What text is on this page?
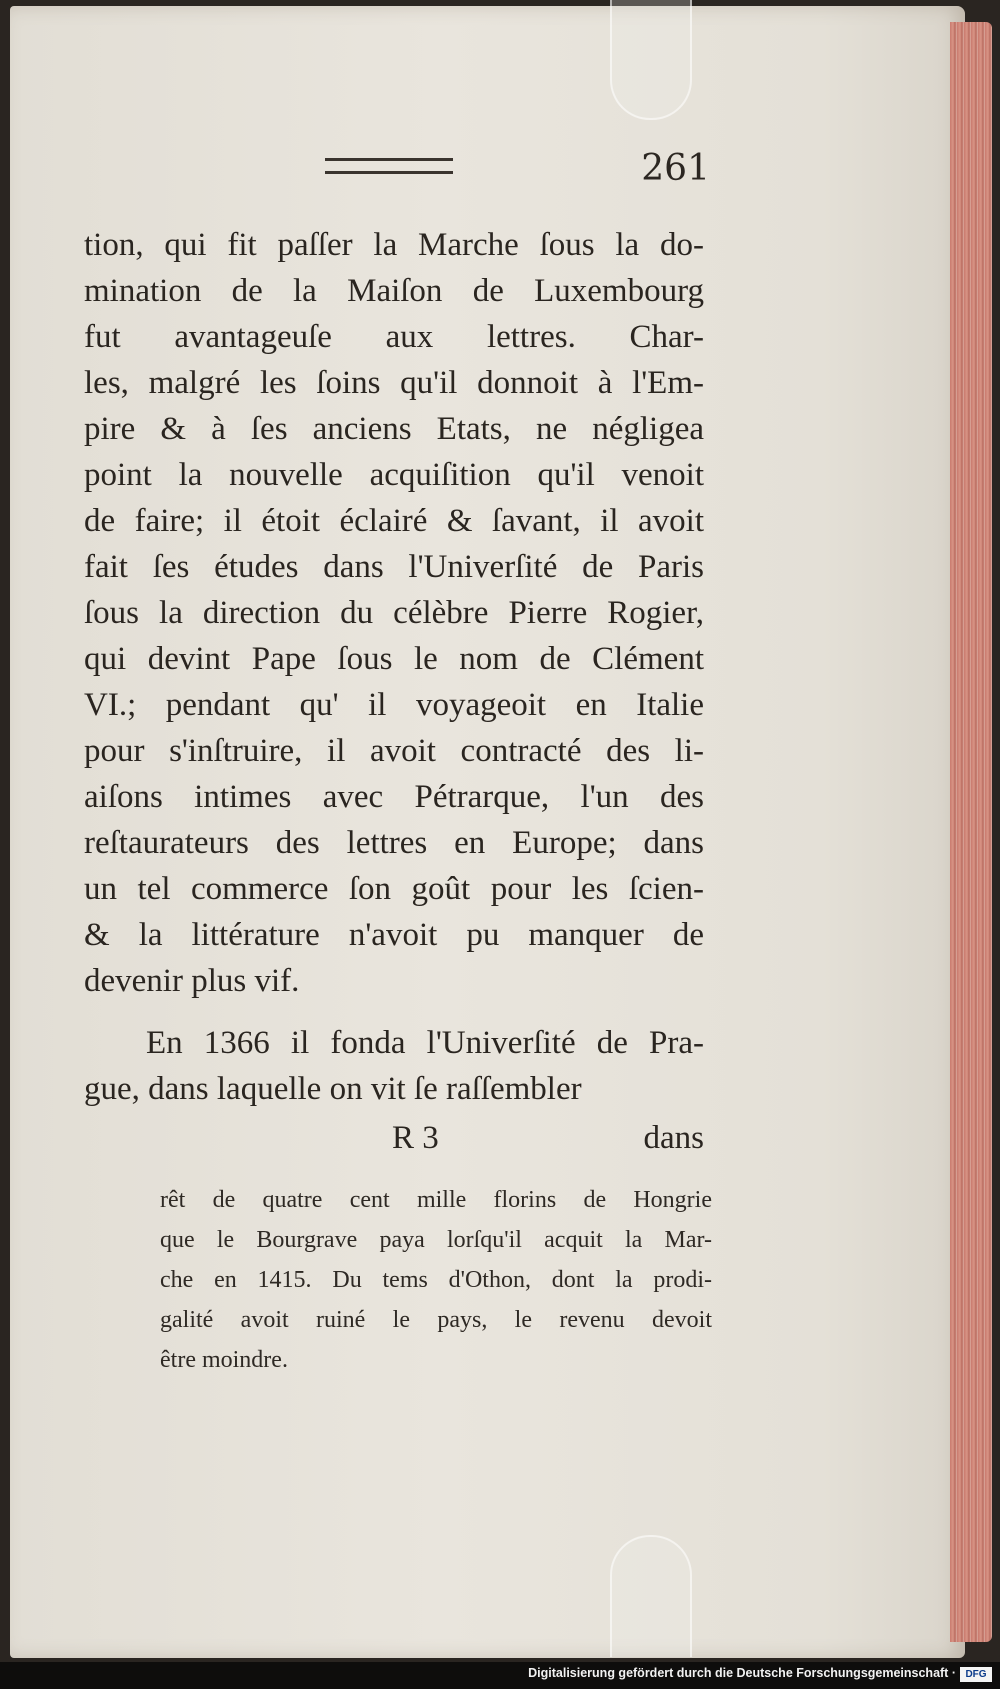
261
tion, qui fit paſſer la Marche ſous la do-
mination de la Maiſon de Luxembourg
fut avantageuſe aux lettres. Char-
les, malgré les ſoins qu'il donnoit à l'Em-
pire & à ſes anciens Etats, ne négligea
point la nouvelle acquiſition qu'il venoit
de faire; il étoit éclairé & ſavant, il avoit
fait ſes études dans l'Univerſité de Paris
ſous la direction du célèbre Pierre Rogier,
qui devint Pape ſous le nom de Clément
VI.; pendant qu' il voyageoit en Italie
pour s'inſtruire, il avoit contracté des li-
aiſons intimes avec Pétrarque, l'un des
reſtaurateurs des lettres en Europe; dans
un tel commerce ſon goût pour les ſcien-
& la littérature n'avoit pu manquer de
devenir plus vif.
En 1366 il fonda l'Univerſité de Pra-
gue, dans laquelle on vit ſe raſſembler
R 3	dans
rêt de quatre cent mille florins de Hongrie
que le Bourgrave paya lorſqu'il acquit la Mar-
che en 1415. Du tems d'Othon, dont la prodi-
galité avoit ruiné le pays, le revenu devoit
être moindre.
Digitalisierung gefördert durch die Deutsche Forschungsgemeinschaft · DFG
